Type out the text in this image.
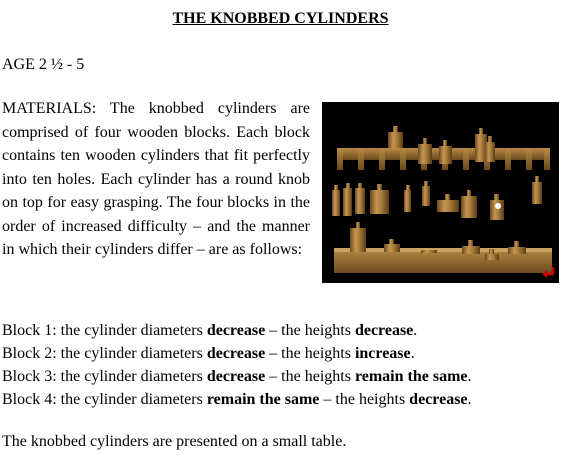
THE KNOBBED CYLINDERS
AGE 2 ½ - 5
MATERIALS: The knobbed cylinders are comprised of four wooden blocks. Each block contains ten wooden cylinders that fit perfectly into ten holes. Each cylinder has a round knob on top for easy grasping. The four blocks in the order of increased difficulty – and the manner in which their cylinders differ – are as follows:
Block 1: the cylinder diameters decrease – the heights decrease.
Block 2: the cylinder diameters decrease – the heights increase.
Block 3: the cylinder diameters decrease – the heights remain the same.
Block 4: the cylinder diameters remain the same – the heights decrease.
The knobbed cylinders are presented on a small table.
